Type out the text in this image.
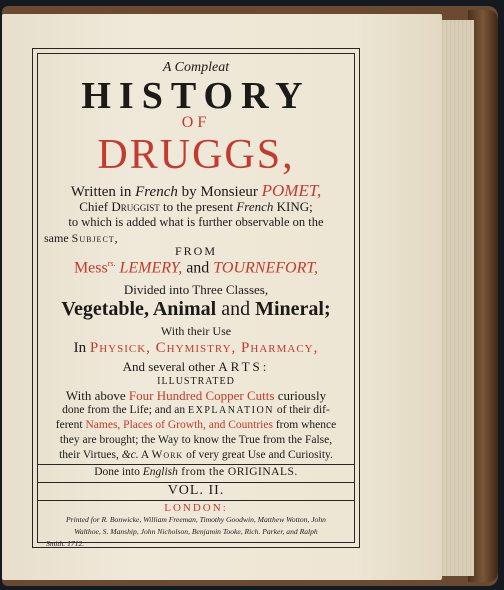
A Compleat
HISTORY
OF
DRUGGS,
Written in French by Monsieur POMET,
Chief Druggist to the present French KING;
to which is added what is further observable on the
same Subject,
FROM
Mess$^{rs.}$ LEMERY, and TOURNEFORT,
Divided into Three Classes,
Vegetable, Animal and Mineral;
With their Use
In Physick, Chymistry, Pharmacy,
And several other ARTS:
ILLUSTRATED
With above Four Hundred Copper Cutts curiously
done from the Life; and an EXPLANATION of their dif-
ferent Names, Places of Growth, and Countries from whence
they are brought; the Way to know the True from the False,
their Virtues, &c. A Work of very great Use and Curiosity.
Done into English from the ORIGINALS.
VOL. II.
LONDON:
Printed for R. Bonwicke, William Freeman, Timothy Goodwin, Matthew Wotton, John
Walthoe, S. Manship, John Nicholson, Benjamin Tooke, Rich. Parker, and Ralph
Smith. 1712.
